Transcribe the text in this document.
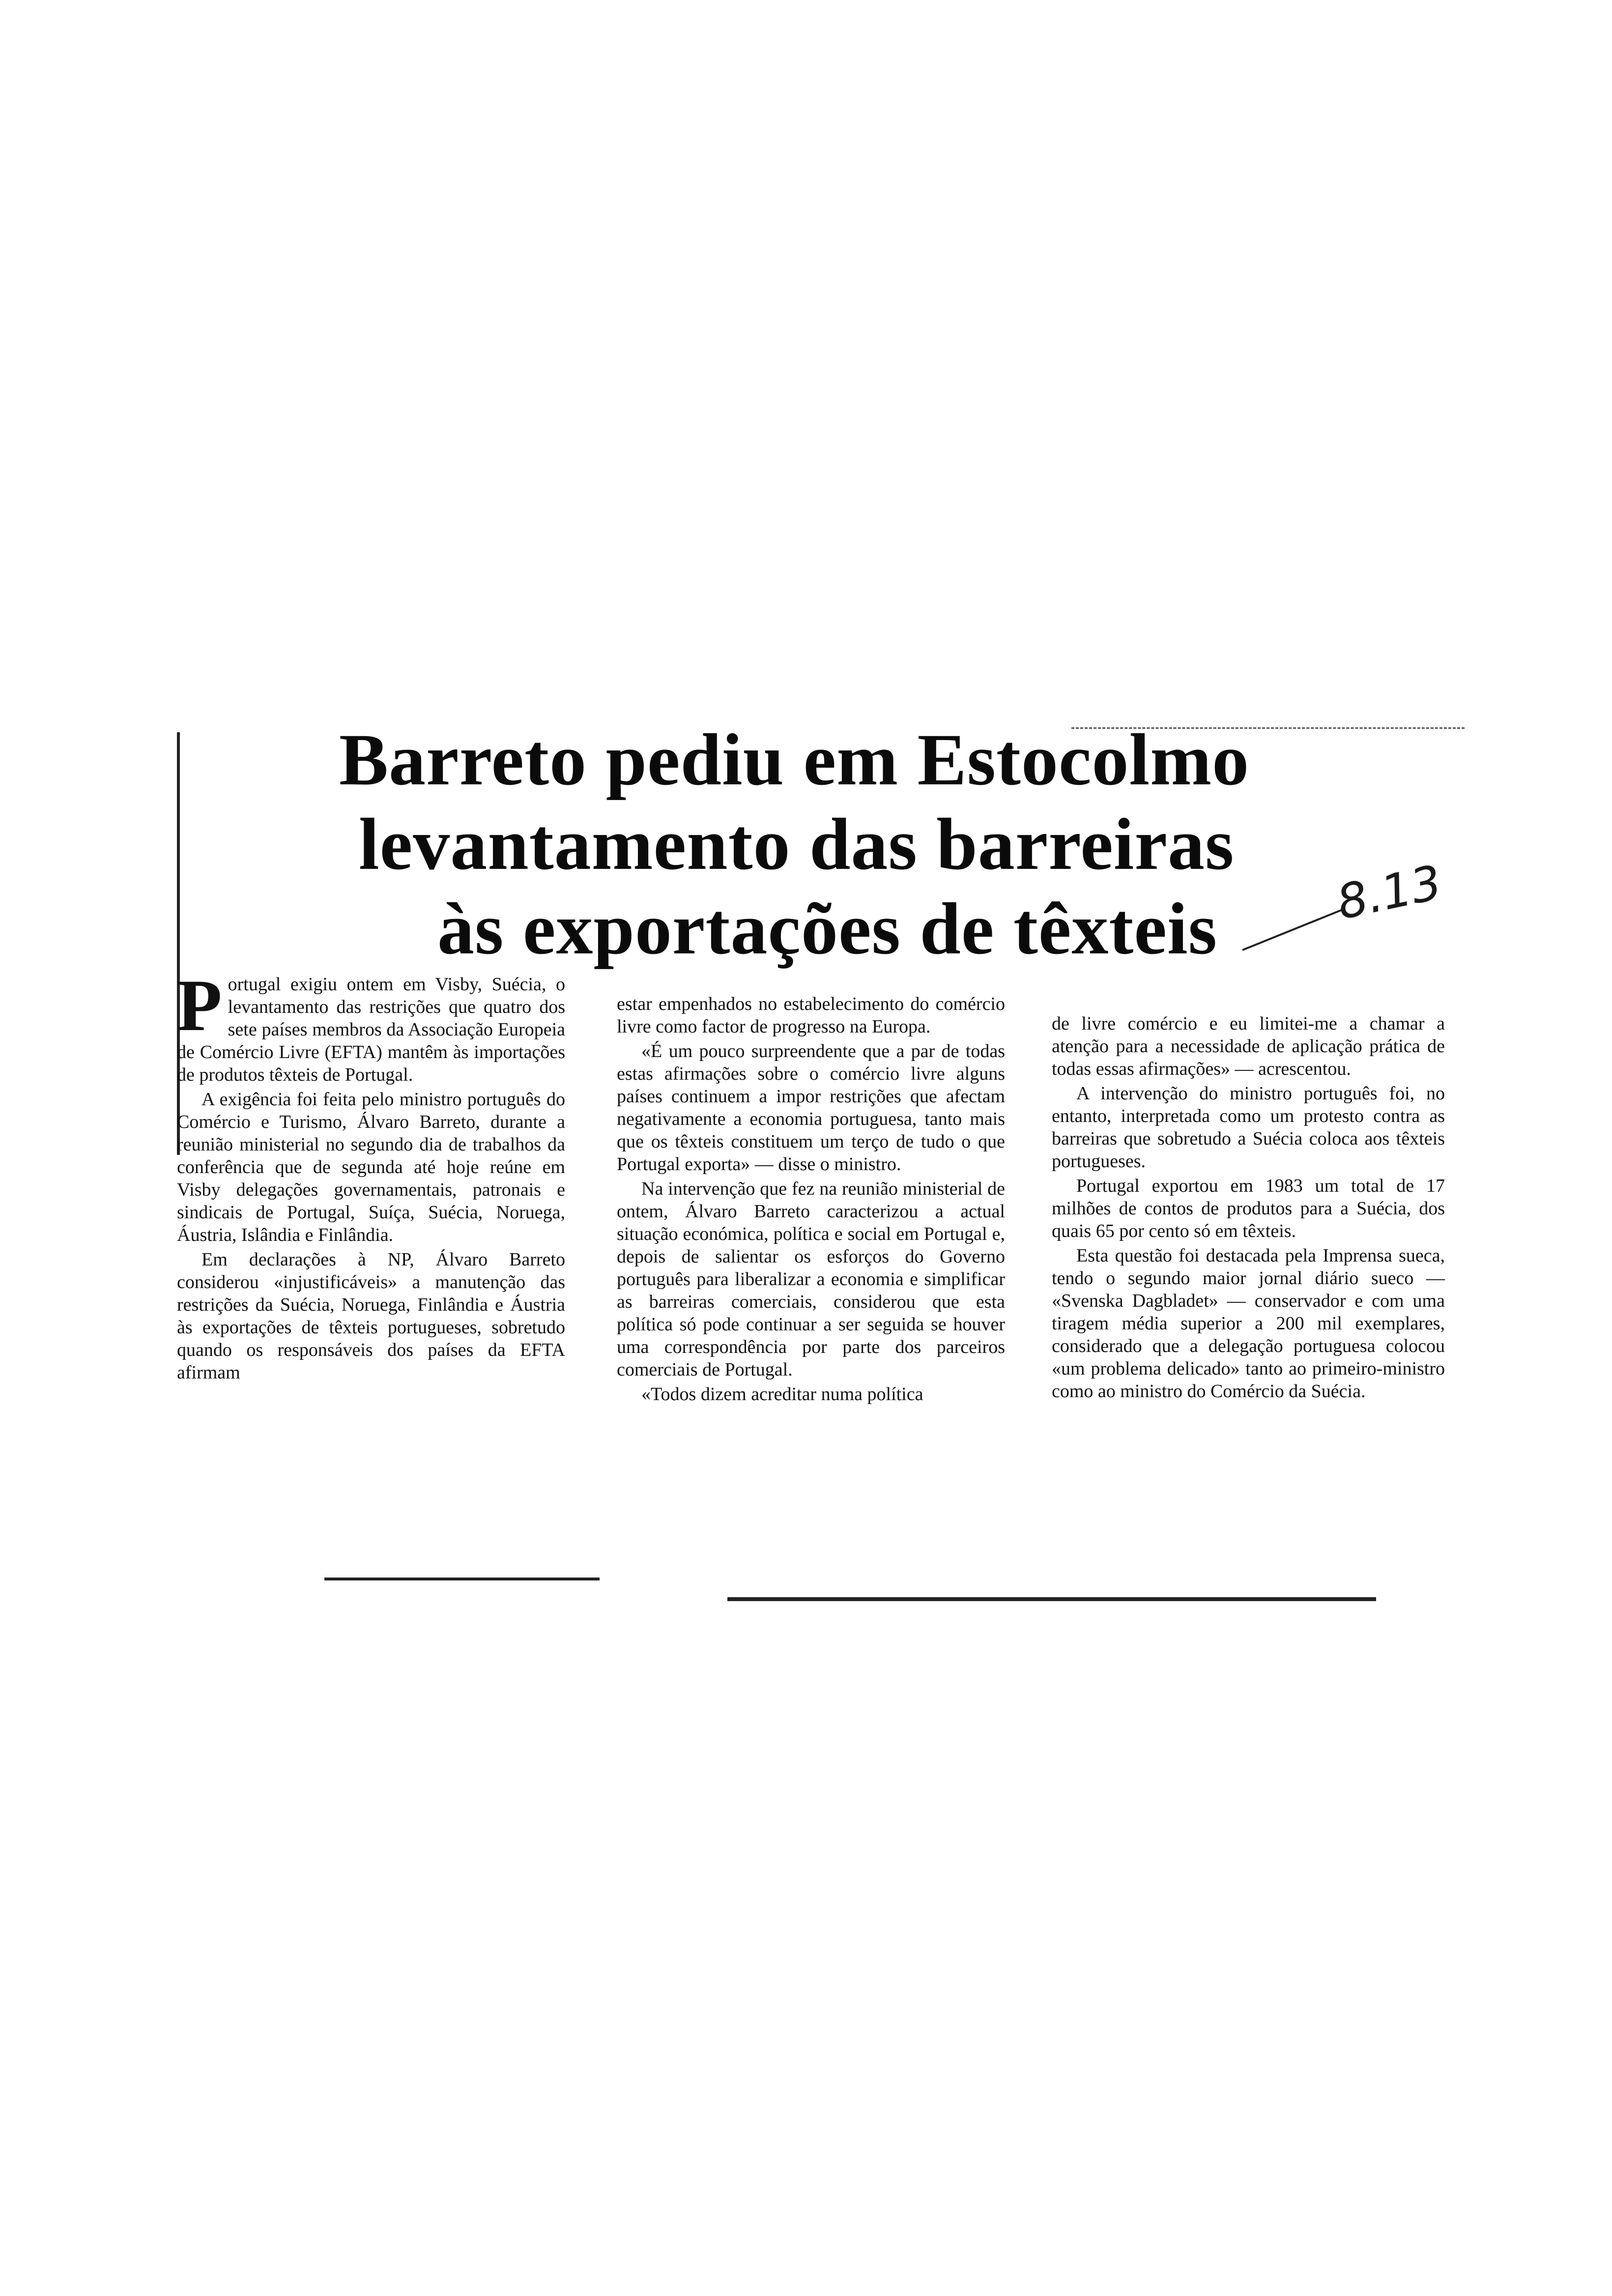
Barreto pediu em Estocolmo
levantamento das barreiras
às exportações de têxteis	8.13

Portugal exigiu ontem em Visby, Suécia, o levantamento das restrições que quatro dos sete países membros da Associação Europeia de Comércio Livre (EFTA) mantêm às importações de produtos têxteis de Portugal.

A exigência foi feita pelo ministro português do Comércio e Turismo, Álvaro Barreto, durante a reunião ministerial no segundo dia de trabalhos da conferência que de segunda até hoje reúne em Visby delegações governamentais, patronais e sindicais de Portugal, Suíça, Suécia, Noruega, Áustria, Islândia e Finlândia.

Em declarações à NP, Álvaro Barreto considerou «injustificáveis» a manutenção das restrições da Suécia, Noruega, Finlândia e Áustria às exportações de têxteis portugueses, sobretudo quando os responsáveis dos países da EFTA afirmam

estar empenhados no estabelecimento do comércio livre como factor de progresso na Europa.

«É um pouco surpreendente que a par de todas estas afirmações sobre o comércio livre alguns países continuem a impor restrições que afectam negativamente a economia portuguesa, tanto mais que os têxteis constituem um terço de tudo o que Portugal exporta» — disse o ministro.

Na intervenção que fez na reunião ministerial de ontem, Álvaro Barreto caracterizou a actual situação económica, política e social em Portugal e, depois de salientar os esforços do Governo português para liberalizar a economia e simplificar as barreiras comerciais, considerou que esta política só pode continuar a ser seguida se houver uma correspondência por parte dos parceiros comerciais de Portugal.

«Todos dizem acreditar numa política

de livre comércio e eu limitei-me a chamar a atenção para a necessidade de aplicação prática de todas essas afirmações» — acrescentou.

A intervenção do ministro português foi, no entanto, interpretada como um protesto contra as barreiras que sobretudo a Suécia coloca aos têxteis portugueses.

Portugal exportou em 1983 um total de 17 milhões de contos de produtos para a Suécia, dos quais 65 por cento só em têxteis.

Esta questão foi destacada pela Imprensa sueca, tendo o segundo maior jornal diário sueco — «Svenska Dagbladet» — conservador e com uma tiragem média superior a 200 mil exemplares, considerado que a delegação portuguesa colocou «um problema delicado» tanto ao primeiro-ministro como ao ministro do Comércio da Suécia.
